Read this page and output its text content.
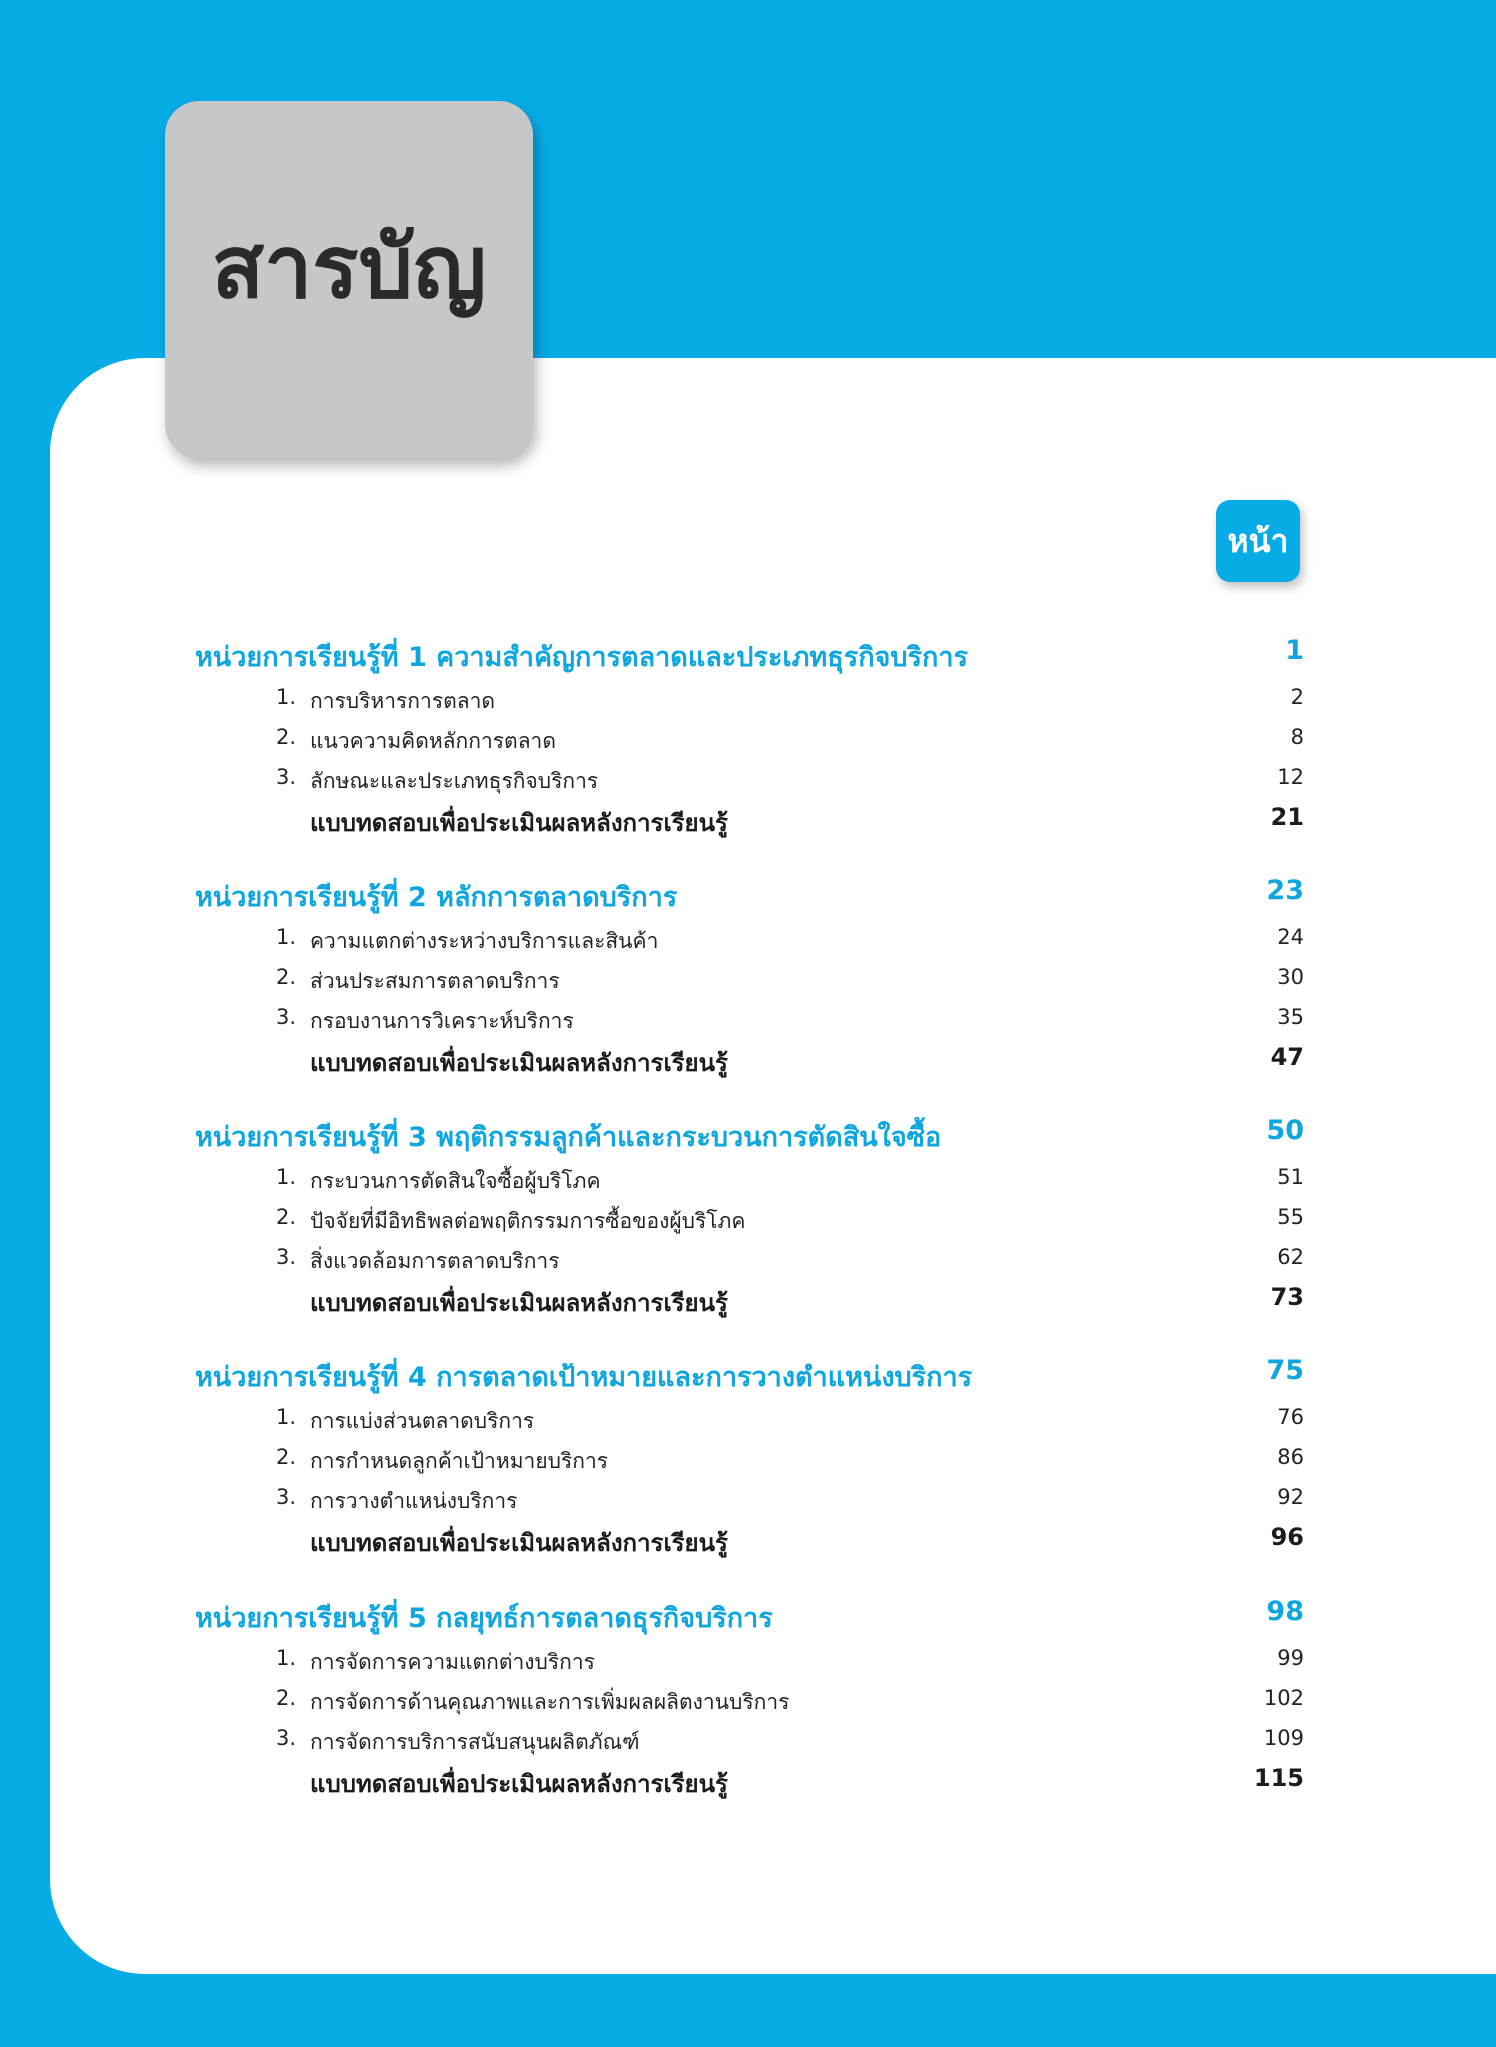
สารบัญ
หน้า
หน่วยการเรียนรู้ที่ 1 ความสำคัญการตลาดและประเภทธุรกิจบริการ	1
1. การบริหารการตลาด	2
2. แนวความคิดหลักการตลาด	8
3. ลักษณะและประเภทธุรกิจบริการ	12
แบบทดสอบเพื่อประเมินผลหลังการเรียนรู้	21
หน่วยการเรียนรู้ที่ 2 หลักการตลาดบริการ	23
1. ความแตกต่างระหว่างบริการและสินค้า	24
2. ส่วนประสมการตลาดบริการ	30
3. กรอบงานการวิเคราะห์บริการ	35
แบบทดสอบเพื่อประเมินผลหลังการเรียนรู้	47
หน่วยการเรียนรู้ที่ 3 พฤติกรรมลูกค้าและกระบวนการตัดสินใจซื้อ	50
1. กระบวนการตัดสินใจซื้อผู้บริโภค	51
2. ปัจจัยที่มีอิทธิพลต่อพฤติกรรมการซื้อของผู้บริโภค	55
3. สิ่งแวดล้อมการตลาดบริการ	62
แบบทดสอบเพื่อประเมินผลหลังการเรียนรู้	73
หน่วยการเรียนรู้ที่ 4 การตลาดเป้าหมายและการวางตำแหน่งบริการ	75
1. การแบ่งส่วนตลาดบริการ	76
2. การกำหนดลูกค้าเป้าหมายบริการ	86
3. การวางตำแหน่งบริการ	92
แบบทดสอบเพื่อประเมินผลหลังการเรียนรู้	96
หน่วยการเรียนรู้ที่ 5 กลยุทธ์การตลาดธุรกิจบริการ	98
1. การจัดการความแตกต่างบริการ	99
2. การจัดการด้านคุณภาพและการเพิ่มผลผลิตงานบริการ	102
3. การจัดการบริการสนับสนุนผลิตภัณฑ์	109
แบบทดสอบเพื่อประเมินผลหลังการเรียนรู้	115
